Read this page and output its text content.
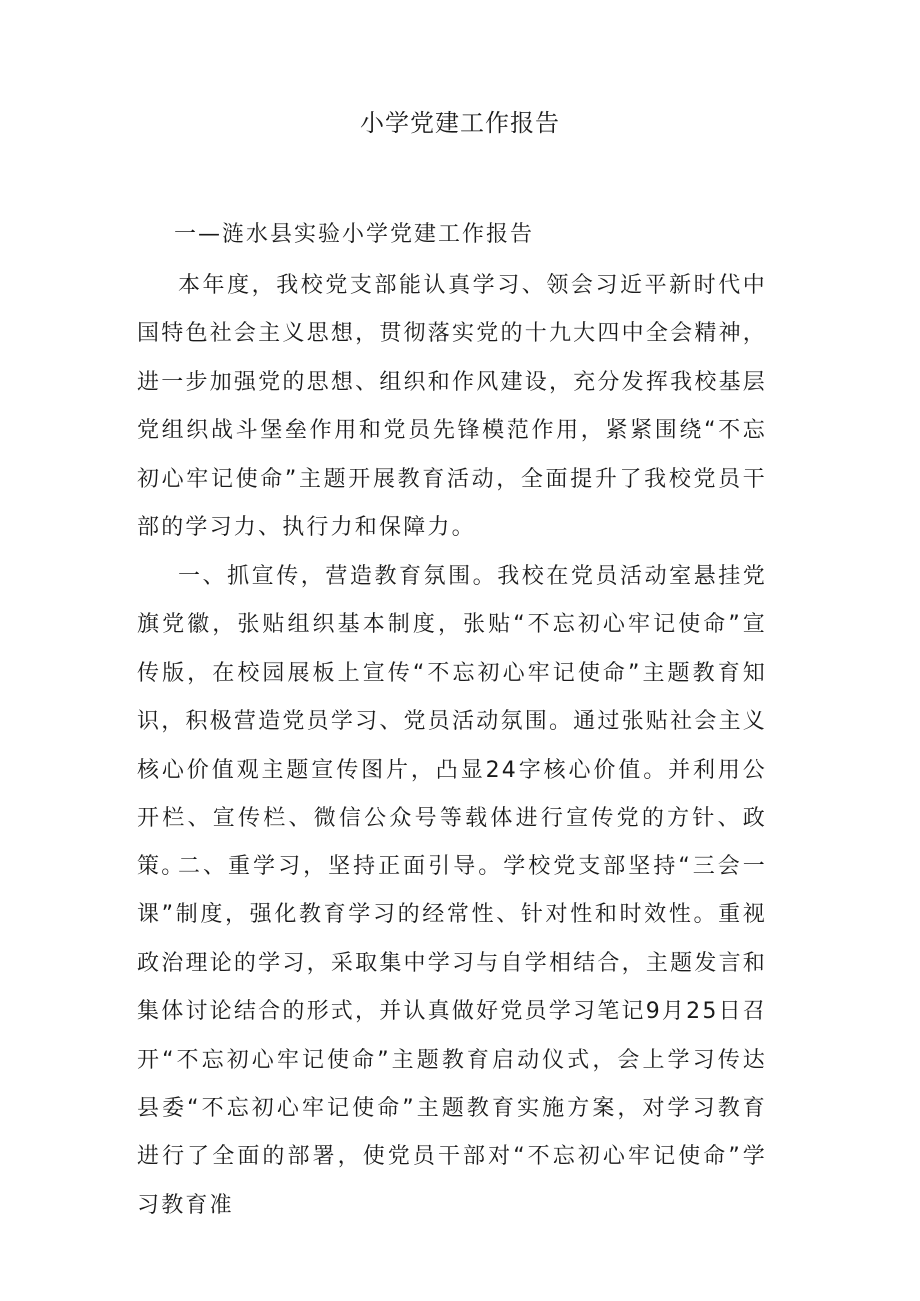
小学党建工作报告

一—涟水县实验小学党建工作报告

本年度，我校党支部能认真学习、领会习近平新时代中国特色社会主义思想，贯彻落实党的十九大四中全会精神，进一步加强党的思想、组织和作风建设，充分发挥我校基层党组织战斗堡垒作用和党员先锋模范作用，紧紧围绕“不忘初心牢记使命”主题开展教育活动，全面提升了我校党员干部的学习力、执行力和保障力。

一、抓宣传，营造教育氛围。我校在党员活动室悬挂党旗党徽，张贴组织基本制度，张贴“不忘初心牢记使命”宣传版，在校园展板上宣传“不忘初心牢记使命”主题教育知识，积极营造党员学习、党员活动氛围。通过张贴社会主义核心价值观主题宣传图片，凸显24字核心价值。并利用公开栏、宣传栏、微信公众号等载体进行宣传党的方针、政策。

二、重学习，坚持正面引导。学校党支部坚持“三会一课”制度，强化教育学习的经常性、针对性和时效性。重视政治理论的学习，采取集中学习与自学相结合，主题发言和集体讨论结合的形式，并认真做好党员学习笔记9月25日召开“不忘初心牢记使命”主题教育启动仪式，会上学习传达县委“不忘初心牢记使命”主题教育实施方案，对学习教育进行了全面的部署，使党员干部对“不忘初心牢记使命”学习教育准
